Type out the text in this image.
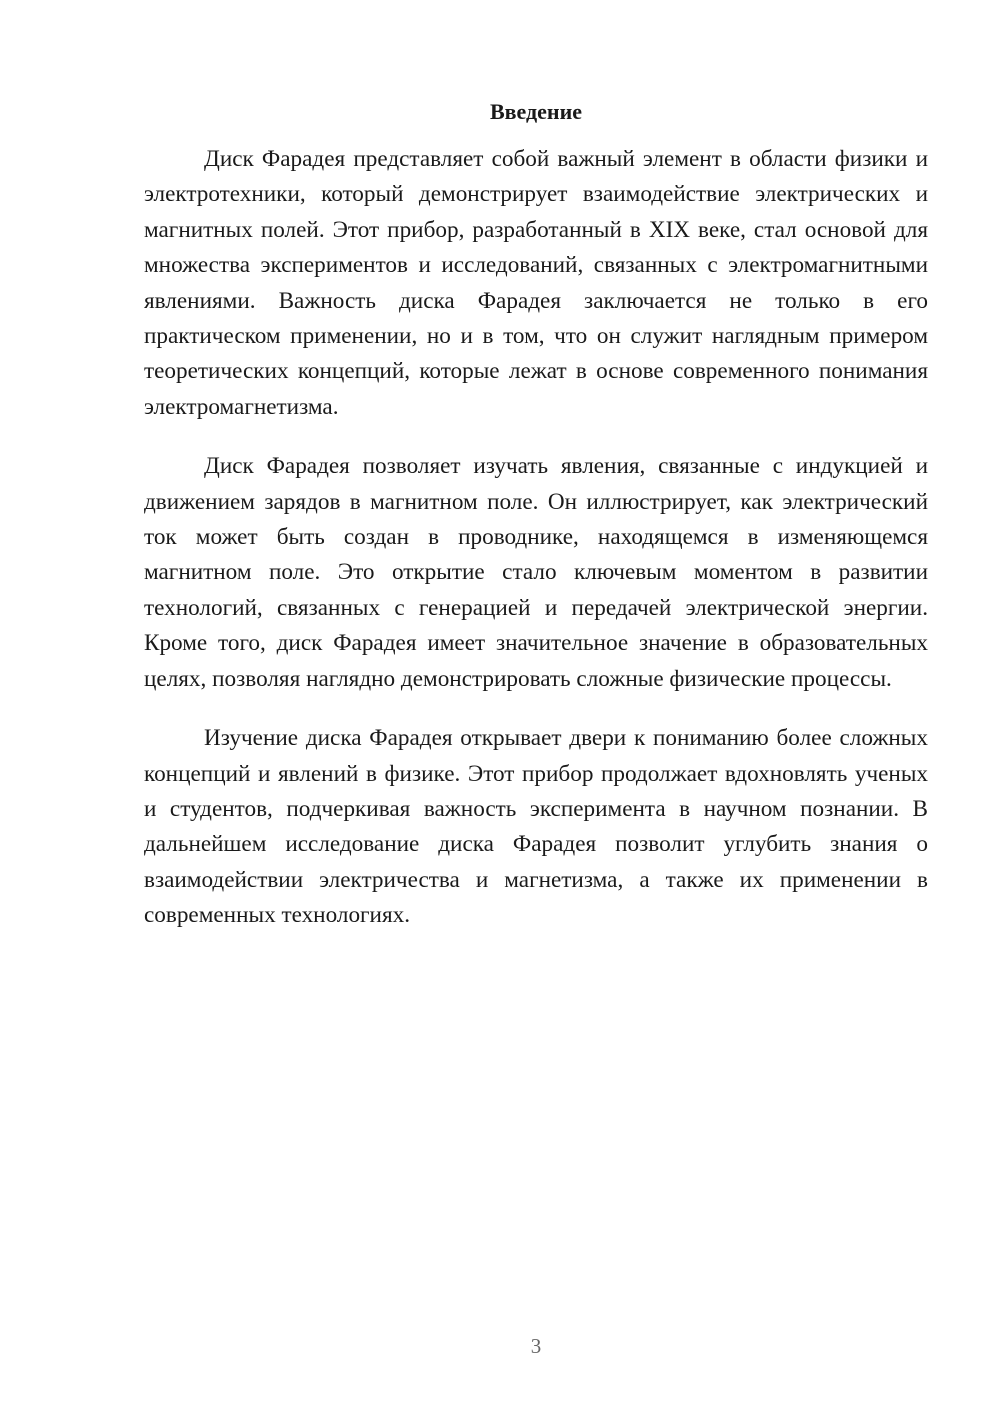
Введение

Диск Фарадея представляет собой важный элемент в области физики и электротехники, который демонстрирует взаимодействие электрических и магнитных полей. Этот прибор, разработанный в XIX веке, стал основой для множества экспериментов и исследований, связанных с электромагнитными явлениями. Важность диска Фарадея заключается не только в его практическом применении, но и в том, что он служит наглядным примером теоретических концепций, которые лежат в основе современного понимания электромагнетизма.

Диск Фарадея позволяет изучать явления, связанные с индукцией и движением зарядов в магнитном поле. Он иллюстрирует, как электрический ток может быть создан в проводнике, находящемся в изменяющемся магнитном поле. Это открытие стало ключевым моментом в развитии технологий, связанных с генерацией и передачей электрической энергии. Кроме того, диск Фарадея имеет значительное значение в образовательных целях, позволяя наглядно демонстрировать сложные физические процессы.

Изучение диска Фарадея открывает двери к пониманию более сложных концепций и явлений в физике. Этот прибор продолжает вдохновлять ученых и студентов, подчеркивая важность эксперимента в научном познании. В дальнейшем исследование диска Фарадея позволит углубить знания о взаимодействии электричества и магнетизма, а также их применении в современных технологиях.

3
